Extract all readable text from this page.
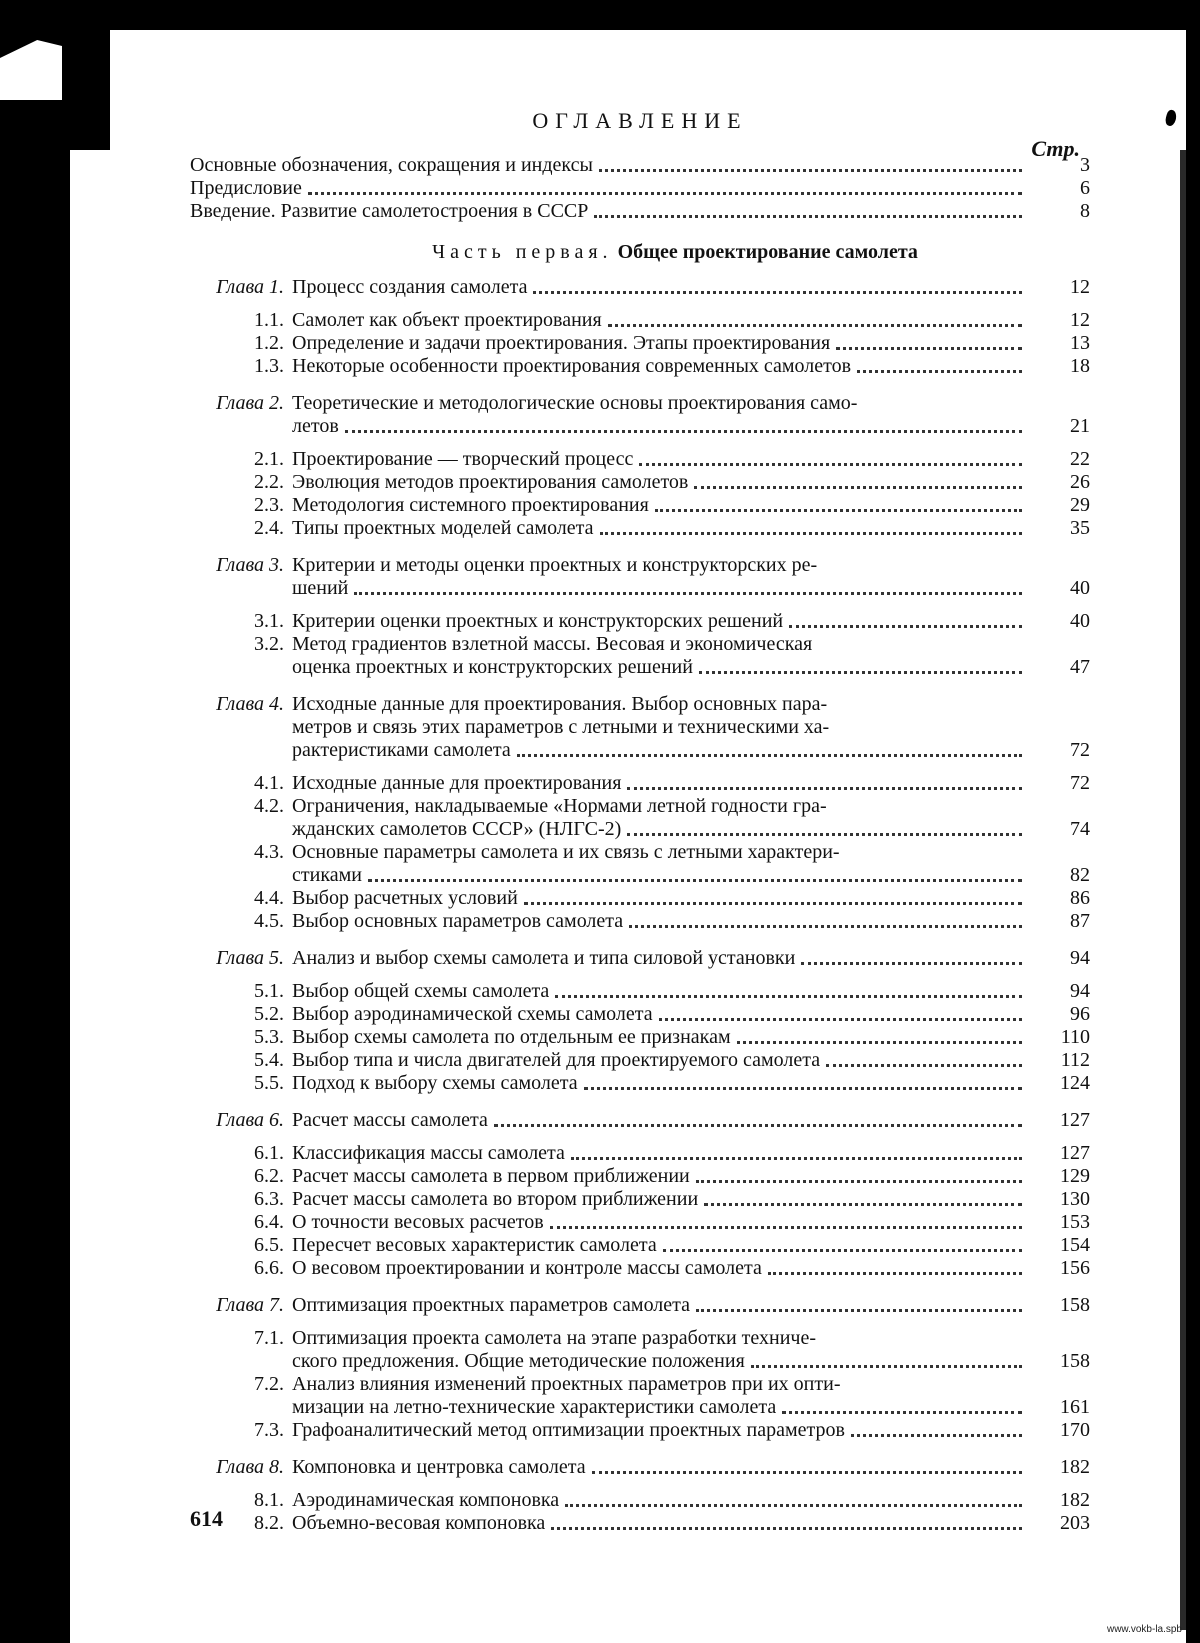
ОГЛАВЛЕНИЕ
Стр.
Основные обозначения, сокращения и индексы	3
Предисловие	6
Введение. Развитие самолетостроения в СССР	8
Часть первая. Общее проектирование самолета
Глава 1. Процесс создания самолета	12
1.1. Самолет как объект проектирования	12
1.2. Определение и задачи проектирования. Этапы проектирования	13
1.3. Некоторые особенности проектирования современных самолетов	18
Глава 2. Теоретические и методологические основы проектирования само-
летов	21
2.1. Проектирование — творческий процесс	22
2.2. Эволюция методов проектирования самолетов	26
2.3. Методология системного проектирования	29
2.4. Типы проектных моделей самолета	35
Глава 3. Критерии и методы оценки проектных и конструкторских ре-
шений	40
3.1. Критерии оценки проектных и конструкторских решений	40
3.2. Метод градиентов взлетной массы. Весовая и экономическая
оценка проектных и конструкторских решений	47
Глава 4. Исходные данные для проектирования. Выбор основных пара-
метров и связь этих параметров с летными и техническими ха-
рактеристиками самолета	72
4.1. Исходные данные для проектирования	72
4.2. Ограничения, накладываемые «Нормами летной годности гра-
жданских самолетов СССР» (НЛГС-2)	74
4.3. Основные параметры самолета и их связь с летными характери-
стиками	82
4.4. Выбор расчетных условий	86
4.5. Выбор основных параметров самолета	87
Глава 5. Анализ и выбор схемы самолета и типа силовой установки	94
5.1. Выбор общей схемы самолета	94
5.2. Выбор аэродинамической схемы самолета	96
5.3. Выбор схемы самолета по отдельным ее признакам	110
5.4. Выбор типа и числа двигателей для проектируемого самолета	112
5.5. Подход к выбору схемы самолета	124
Глава 6. Расчет массы самолета	127
6.1. Классификация массы самолета	127
6.2. Расчет массы самолета в первом приближении	129
6.3. Расчет массы самолета во втором приближении	130
6.4. О точности весовых расчетов	153
6.5. Пересчет весовых характеристик самолета	154
6.6. О весовом проектировании и контроле массы самолета	156
Глава 7. Оптимизация проектных параметров самолета	158
7.1. Оптимизация проекта самолета на этапе разработки техниче-
ского предложения. Общие методические положения	158
7.2. Анализ влияния изменений проектных параметров при их опти-
мизации на летно-технические характеристики самолета	161
7.3. Графоаналитический метод оптимизации проектных параметров	170
Глава 8. Компоновка и центровка самолета	182
8.1. Аэродинамическая компоновка	182
8.2. Объемно-весовая компоновка	203
614
www.vokb-la.spb
